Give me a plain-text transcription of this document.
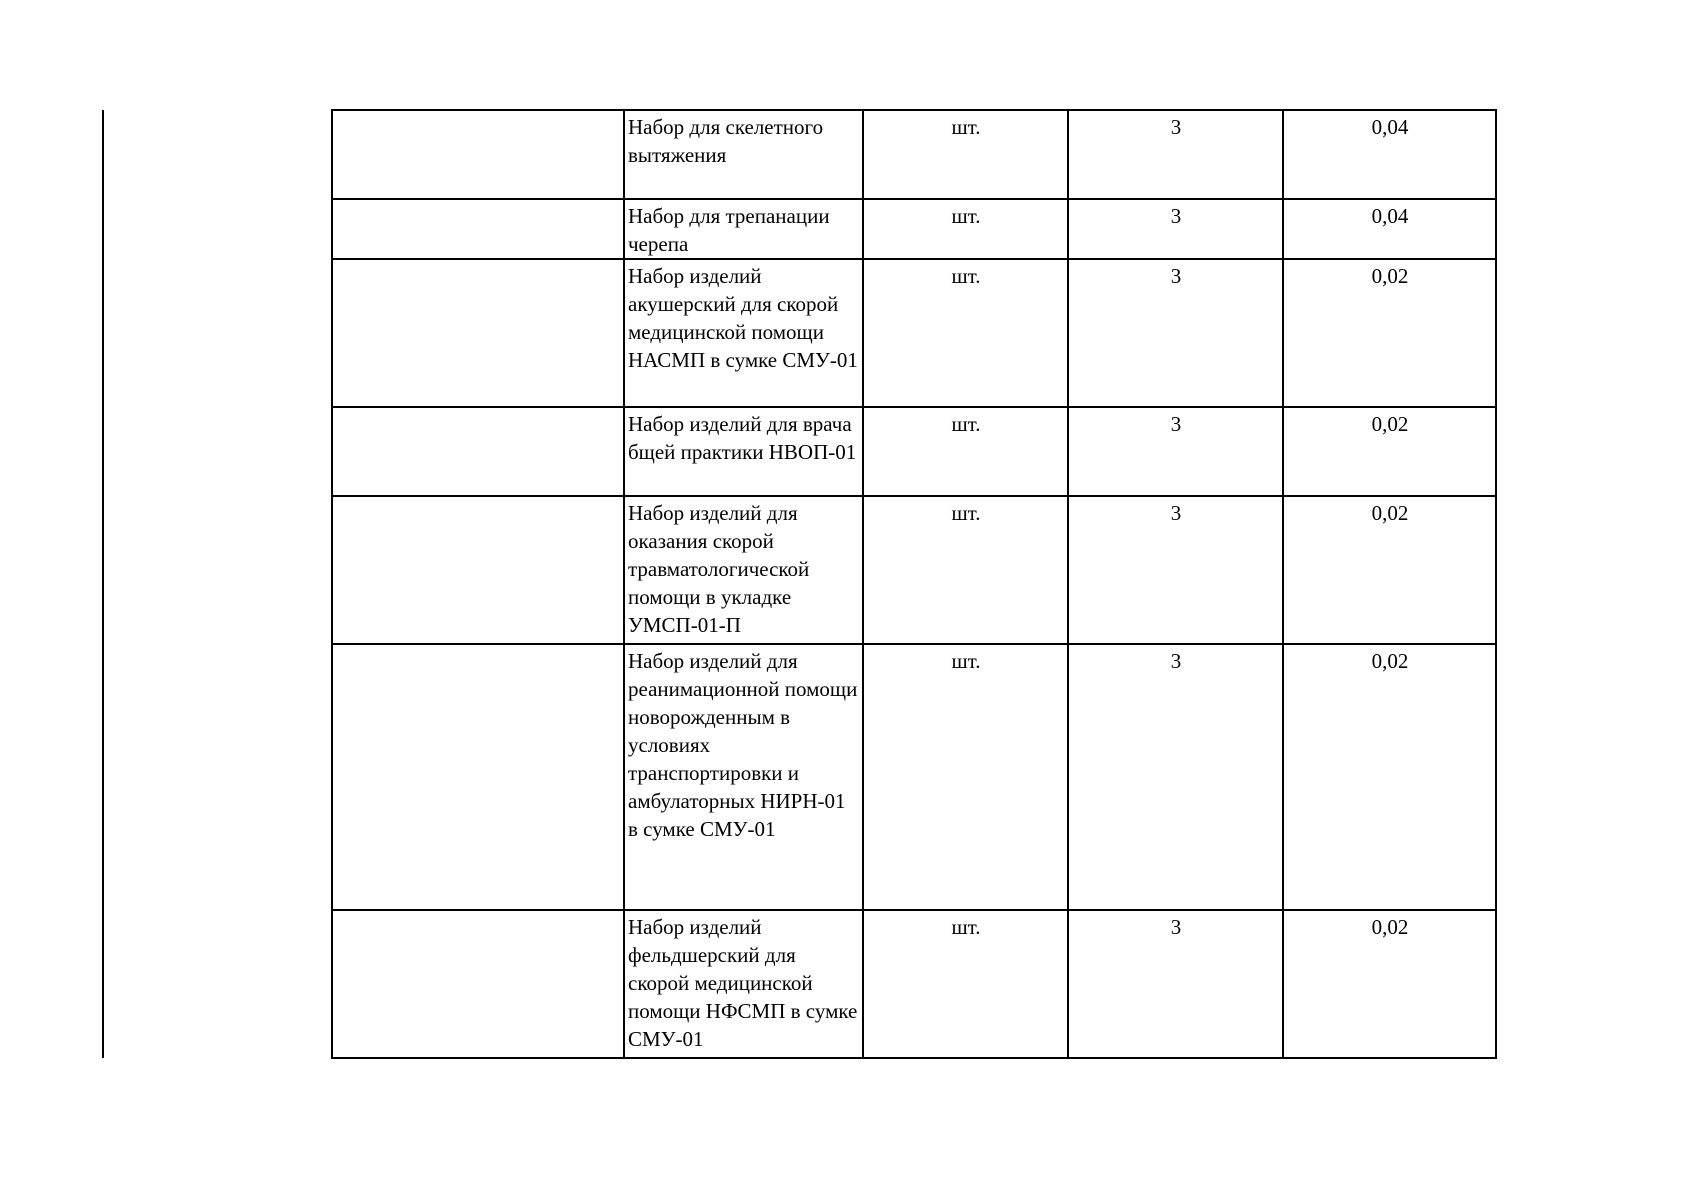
	Набор для скелетного вытяжения	шт.	3	0,04
	Набор для трепанации черепа	шт.	3	0,04
	Набор изделий акушерский для скорой медицинской помощи НАСМП в сумке СМУ-01	шт.	3	0,02
	Набор изделий для врача бщей практики НВОП-01	шт.	3	0,02
	Набор изделий для оказания скорой травматологической помощи в укладке УМСП-01-П	шт.	3	0,02
	Набор изделий для реанимационной помощи новорожденным в условиях транспортировки и амбулаторных НИРН-01 в сумке СМУ-01	шт.	3	0,02
	Набор изделий фельдшерский для скорой медицинской помощи НФСМП в сумке СМУ-01	шт.	3	0,02
